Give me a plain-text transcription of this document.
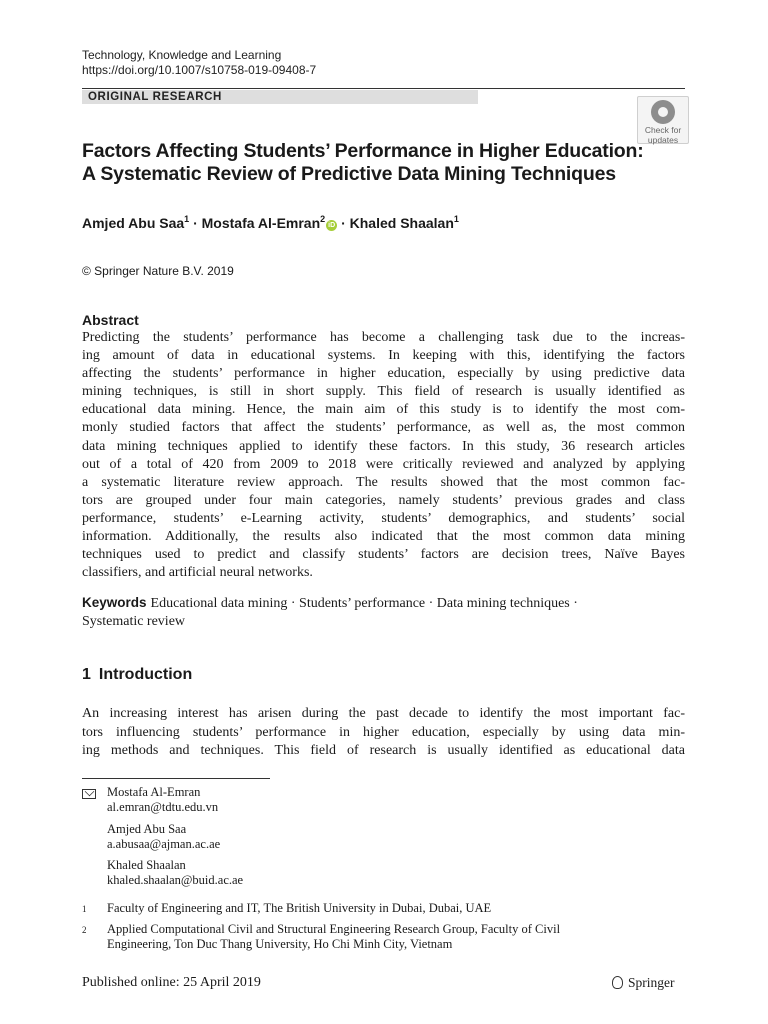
Technology, Knowledge and Learning
https://doi.org/10.1007/s10758-019-09408-7
ORIGINAL RESEARCH
Check for
updates
Factors Affecting Students’ Performance in Higher Education:
A Systematic Review of Predictive Data Mining Techniques
Amjed Abu Saa$^1$ · Mostafa Al-Emran$^2$iD · Khaled Shaalan$^1$
© Springer Nature B.V. 2019
Abstract
Predicting the students’ performance has become a challenging task due to the increas-
ing amount of data in educational systems. In keeping with this, identifying the factors
affecting the students’ performance in higher education, especially by using predictive data
mining techniques, is still in short supply. This field of research is usually identified as
educational data mining. Hence, the main aim of this study is to identify the most com-
monly studied factors that affect the students’ performance, as well as, the most common
data mining techniques applied to identify these factors. In this study, 36 research articles
out of a total of 420 from 2009 to 2018 were critically reviewed and analyzed by applying
a systematic literature review approach. The results showed that the most common fac-
tors are grouped under four main categories, namely students’ previous grades and class
performance, students’ e-Learning activity, students’ demographics, and students’ social
information. Additionally, the results also indicated that the most common data mining
techniques used to predict and classify students’ factors are decision trees, Naïve Bayes
classifiers, and artificial neural networks.
Keywords Educational data mining · Students’ performance · Data mining techniques ·
Systematic review
1 Introduction
An increasing interest has arisen during the past decade to identify the most important fac-
tors influencing students’ performance in higher education, especially by using data min-
ing methods and techniques. This field of research is usually identified as educational data
Mostafa Al-Emran
al.emran@tdtu.edu.vn
Amjed Abu Saa
a.abusaa@ajman.ac.ae
Khaled Shaalan
khaled.shaalan@buid.ac.ae
1 Faculty of Engineering and IT, The British University in Dubai, Dubai, UAE
2 Applied Computational Civil and Structural Engineering Research Group, Faculty of Civil
Engineering, Ton Duc Thang University, Ho Chi Minh City, Vietnam
Published online: 25 April 2019	Springer
